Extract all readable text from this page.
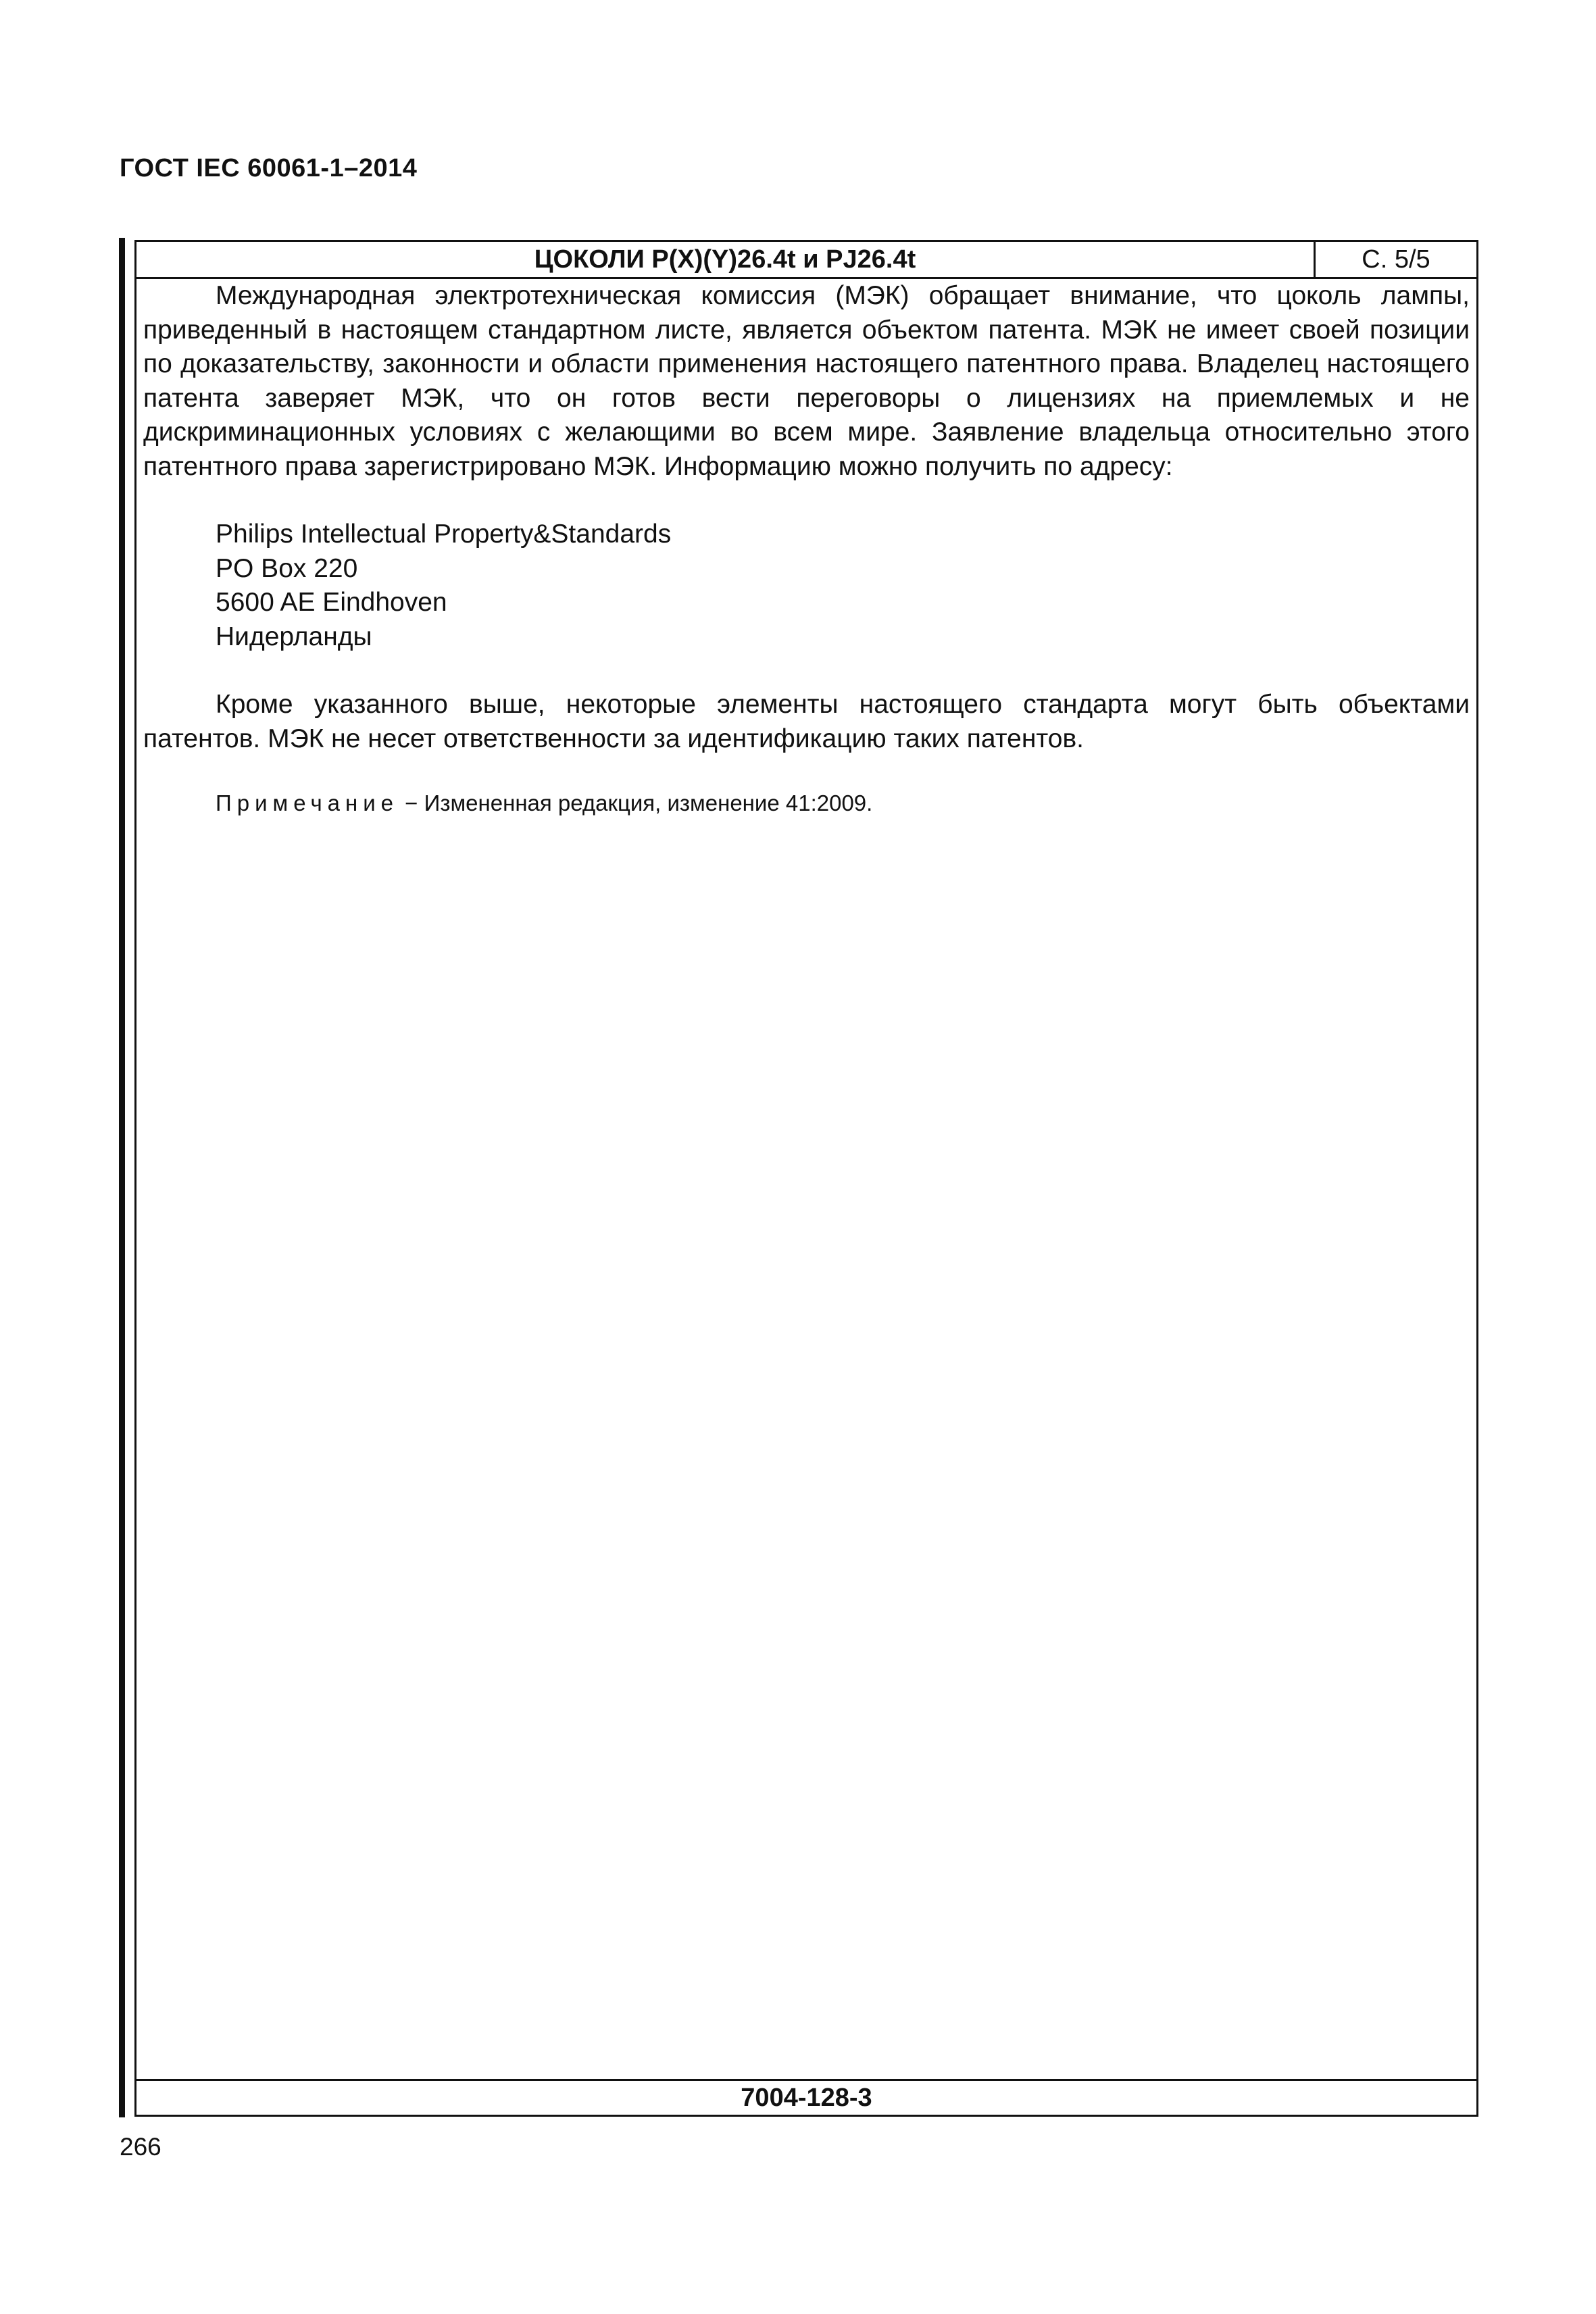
ГОСТ IEC 60061-1–2014
ЦОКОЛИ P(X)(Y)26.4t и PJ26.4t	С. 5/5

Международная электротехническая комиссия (МЭК) обращает внимание, что цоколь лампы, приведенный в настоящем стандартном листе, является объектом патента. МЭК не имеет своей позиции по доказательству, законности и области применения настоящего патентного права. Владелец настоящего патента заверяет МЭК, что он готов вести переговоры о лицензиях на приемлемых и не дискриминационных условиях с желающими во всем мире. Заявление владельца относительно этого патентного права зарегистрировано МЭК. Информацию можно получить по адресу:

Philips Intellectual Property&Standards
PO Box 220
5600 AE Eindhoven
Нидерланды

Кроме указанного выше, некоторые элементы настоящего стандарта могут быть объектами патентов. МЭК не несет ответственности за идентификацию таких патентов.

Примечание − Измененная редакция, изменение 41:2009.
7004-128-3
266
